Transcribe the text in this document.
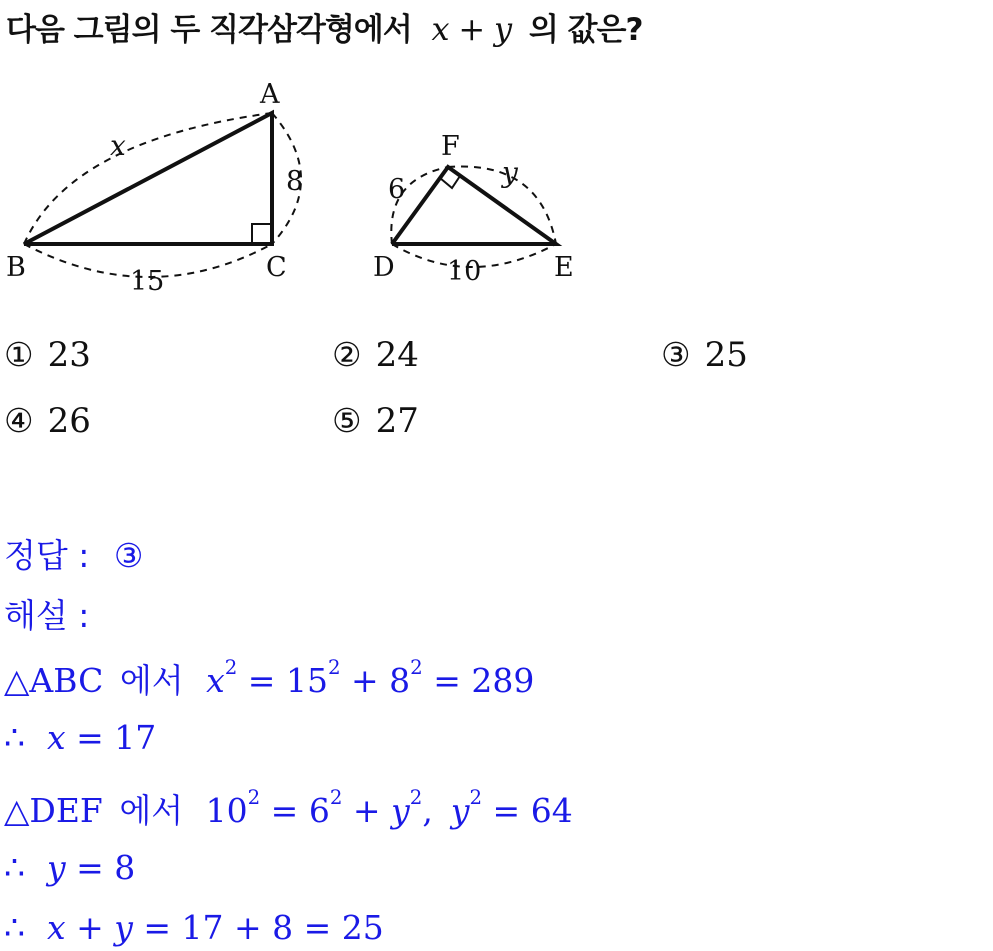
다음 그림의 두 직각삼각형에서 x + y 의 값은?
A
B	C
x
8
15
F
D	E
6
y
10
① 23	② 24	③ 25
④ 26	⑤ 27
정답 : ③
해설 :
△ABC 에서 $x^2 = 15^2 + 8^2 = 289$
∴ x = 17
△DEF 에서 $10^2 = 6^2 + y^2$, $y^2 = 64$
∴ y = 8
∴ x + y = 17 + 8 = 25
